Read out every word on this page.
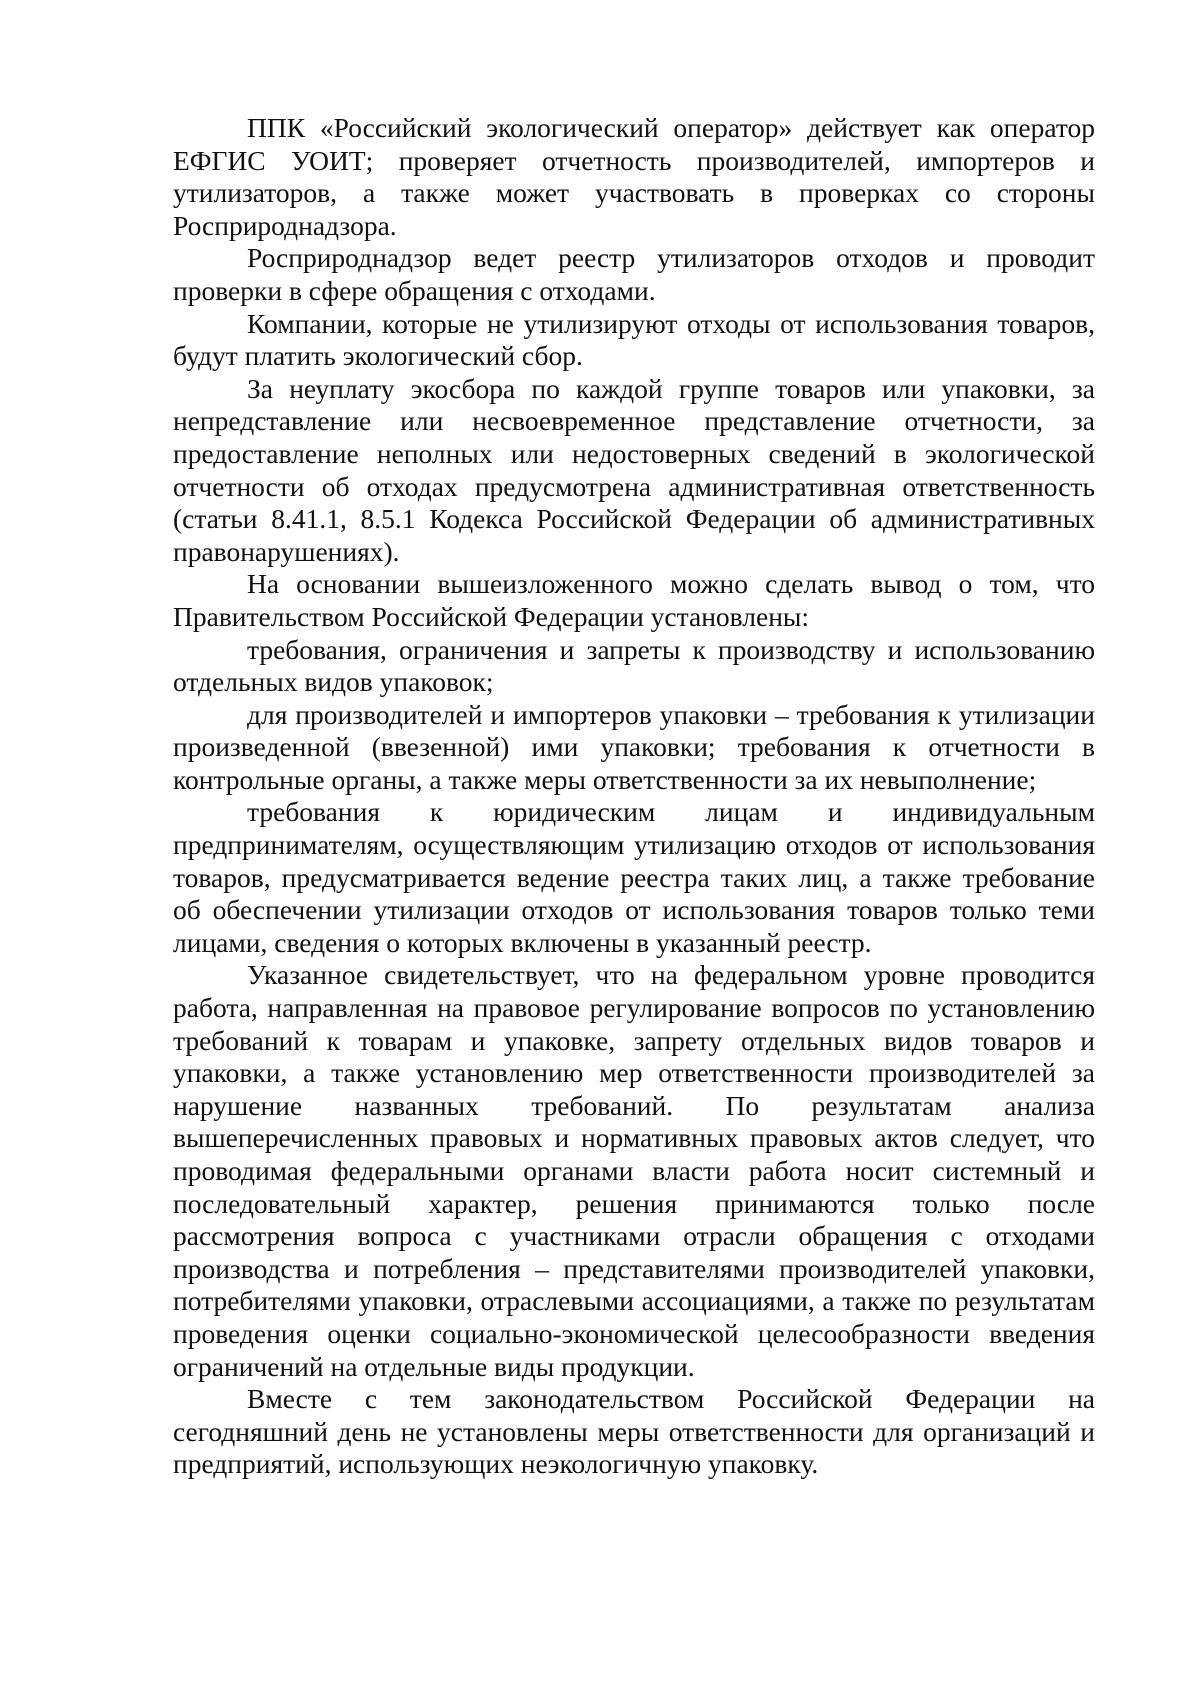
ППК «Российский экологический оператор» действует как оператор ЕФГИС УОИТ; проверяет отчетность производителей, импортеров и утилизаторов, а также может участвовать в проверках со стороны Росприроднадзора.

Росприроднадзор ведет реестр утилизаторов отходов и проводит проверки в сфере обращения с отходами.

Компании, которые не утилизируют отходы от использования товаров, будут платить экологический сбор.

За неуплату экосбора по каждой группе товаров или упаковки, за непредставление или несвоевременное представление отчетности, за предоставление неполных или недостоверных сведений в экологической отчетности об отходах предусмотрена административная ответственность (статьи 8.41.1, 8.5.1 Кодекса Российской Федерации об административных правонарушениях).

На основании вышеизложенного можно сделать вывод о том, что Правительством Российской Федерации установлены:

требования, ограничения и запреты к производству и использованию отдельных видов упаковок;

для производителей и импортеров упаковки – требования к утилизации произведенной (ввезенной) ими упаковки; требования к отчетности в контрольные органы, а также меры ответственности за их невыполнение;

требования к юридическим лицам и индивидуальным предпринимателям, осуществляющим утилизацию отходов от использования товаров, предусматривается ведение реестра таких лиц, а также требование об обеспечении утилизации отходов от использования товаров только теми лицами, сведения о которых включены в указанный реестр.

Указанное свидетельствует, что на федеральном уровне проводится работа, направленная на правовое регулирование вопросов по установлению требований к товарам и упаковке, запрету отдельных видов товаров и упаковки, а также установлению мер ответственности производителей за нарушение названных требований. По результатам анализа вышеперечисленных правовых и нормативных правовых актов следует, что проводимая федеральными органами власти работа носит системный и последовательный характер, решения принимаются только после рассмотрения вопроса с участниками отрасли обращения с отходами производства и потребления – представителями производителей упаковки, потребителями упаковки, отраслевыми ассоциациями, а также по результатам проведения оценки социально-экономической целесообразности введения ограничений на отдельные виды продукции.

Вместе с тем законодательством Российской Федерации на сегодняшний день не установлены меры ответственности для организаций и предприятий, использующих неэкологичную упаковку.
